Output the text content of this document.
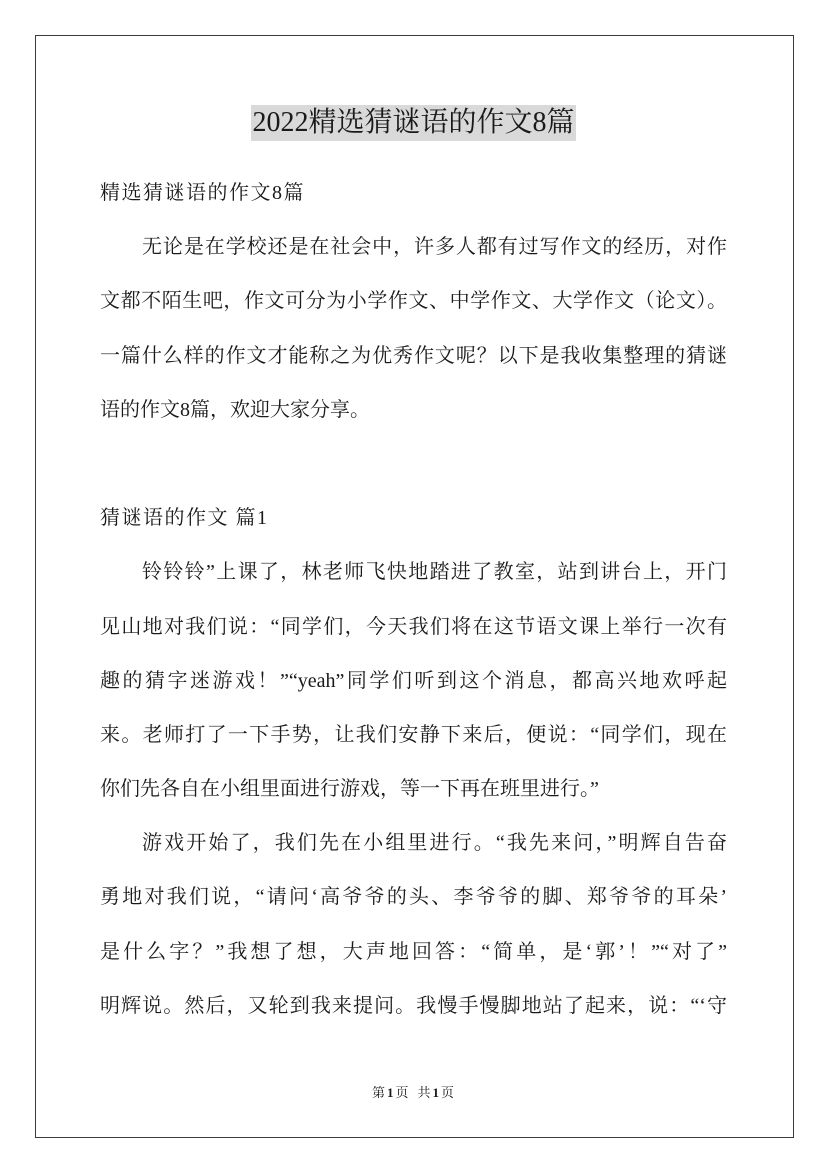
2022精选猜谜语的作文8篇
精选猜谜语的作文8篇
无论是在学校还是在社会中，许多人都有过写作文的经历，对作
文都不陌生吧，作文可分为小学作文、中学作文、大学作文（论文）。
一篇什么样的作文才能称之为优秀作文呢？以下是我收集整理的猜谜
语的作文8篇，欢迎大家分享。
猜谜语的作文 篇1
铃铃铃”上课了，林老师飞快地踏进了教室，站到讲台上，开门
见山地对我们说：“同学们，今天我们将在这节语文课上举行一次有
趣的猜字迷游戏！”“yeah”同学们听到这个消息，都高兴地欢呼起
来。老师打了一下手势，让我们安静下来后，便说：“同学们，现在
你们先各自在小组里面进行游戏，等一下再在班里进行。”
游戏开始了，我们先在小组里进行。“我先来问，”明辉自告奋
勇地对我们说，“请问‘高爷爷的头、李爷爷的脚、郑爷爷的耳朵’
是什么字？”我想了想，大声地回答：“简单，是‘郭’！”“对了”
明辉说。然后，又轮到我来提问。我慢手慢脚地站了起来，说：“‘守
第1页 共1页
